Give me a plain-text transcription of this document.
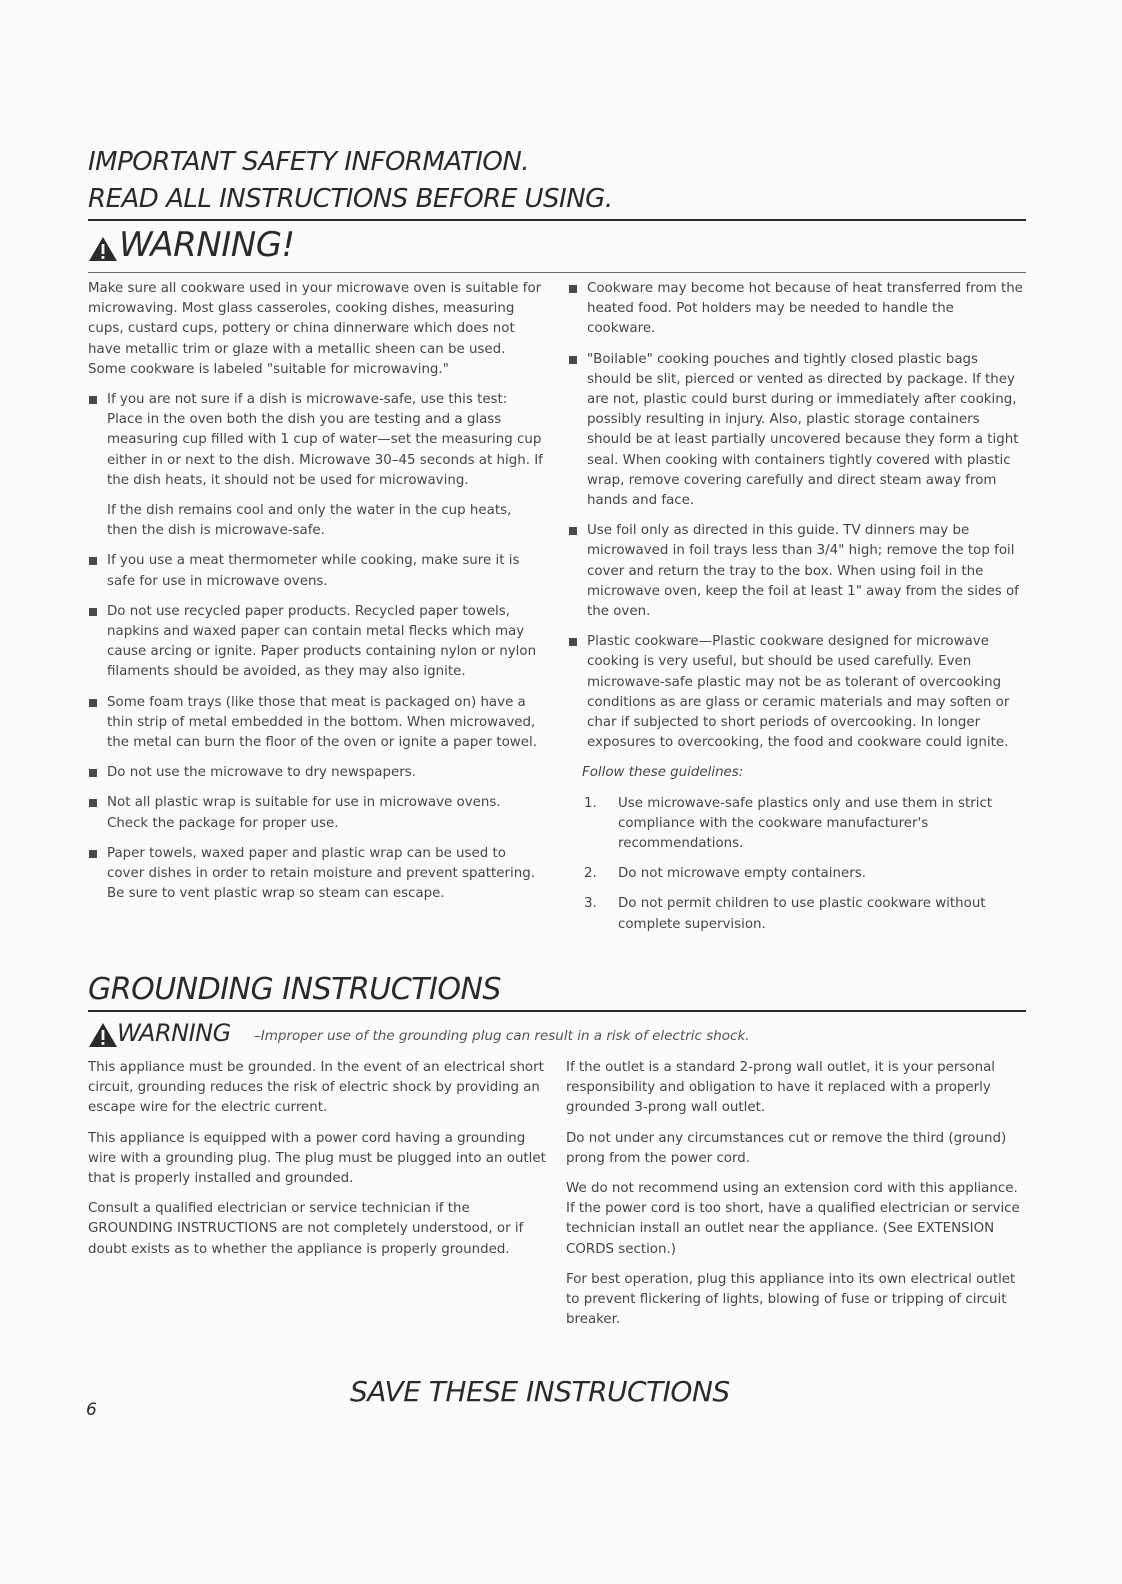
IMPORTANT SAFETY INFORMATION.
READ ALL INSTRUCTIONS BEFORE USING.
WARNING!

Make sure all cookware used in your microwave oven is suitable for microwaving. Most glass casseroles, cooking dishes, measuring cups, custard cups, pottery or china dinnerware which does not have metallic trim or glaze with a metallic sheen can be used. Some cookware is labeled "suitable for microwaving."

If you are not sure if a dish is microwave-safe, use this test: Place in the oven both the dish you are testing and a glass measuring cup filled with 1 cup of water—set the measuring cup either in or next to the dish. Microwave 30–45 seconds at high. If the dish heats, it should not be used for microwaving.

If the dish remains cool and only the water in the cup heats, then the dish is microwave-safe.

If you use a meat thermometer while cooking, make sure it is safe for use in microwave ovens.

Do not use recycled paper products. Recycled paper towels, napkins and waxed paper can contain metal flecks which may cause arcing or ignite. Paper products containing nylon or nylon filaments should be avoided, as they may also ignite.

Some foam trays (like those that meat is packaged on) have a thin strip of metal embedded in the bottom. When microwaved, the metal can burn the floor of the oven or ignite a paper towel.

Do not use the microwave to dry newspapers.

Not all plastic wrap is suitable for use in microwave ovens. Check the package for proper use.

Paper towels, waxed paper and plastic wrap can be used to cover dishes in order to retain moisture and prevent spattering. Be sure to vent plastic wrap so steam can escape.

Cookware may become hot because of heat transferred from the heated food. Pot holders may be needed to handle the cookware.

"Boilable" cooking pouches and tightly closed plastic bags should be slit, pierced or vented as directed by package. If they are not, plastic could burst during or immediately after cooking, possibly resulting in injury. Also, plastic storage containers should be at least partially uncovered because they form a tight seal. When cooking with containers tightly covered with plastic wrap, remove covering carefully and direct steam away from hands and face.

Use foil only as directed in this guide. TV dinners may be microwaved in foil trays less than 3/4" high; remove the top foil cover and return the tray to the box. When using foil in the microwave oven, keep the foil at least 1" away from the sides of the oven.

Plastic cookware—Plastic cookware designed for microwave cooking is very useful, but should be used carefully. Even microwave-safe plastic may not be as tolerant of overcooking conditions as are glass or ceramic materials and may soften or char if subjected to short periods of overcooking. In longer exposures to overcooking, the food and cookware could ignite.

Follow these guidelines:

1. Use microwave-safe plastics only and use them in strict compliance with the cookware manufacturer's recommendations.
2. Do not microwave empty containers.
3. Do not permit children to use plastic cookware without complete supervision.
GROUNDING INSTRUCTIONS
WARNING –Improper use of the grounding plug can result in a risk of electric shock.

This appliance must be grounded. In the event of an electrical short circuit, grounding reduces the risk of electric shock by providing an escape wire for the electric current.

This appliance is equipped with a power cord having a grounding wire with a grounding plug. The plug must be plugged into an outlet that is properly installed and grounded.

Consult a qualified electrician or service technician if the GROUNDING INSTRUCTIONS are not completely understood, or if doubt exists as to whether the appliance is properly grounded.

If the outlet is a standard 2-prong wall outlet, it is your personal responsibility and obligation to have it replaced with a properly grounded 3-prong wall outlet.

Do not under any circumstances cut or remove the third (ground) prong from the power cord.

We do not recommend using an extension cord with this appliance. If the power cord is too short, have a qualified electrician or service technician install an outlet near the appliance. (See EXTENSION CORDS section.)

For best operation, plug this appliance into its own electrical outlet to prevent flickering of lights, blowing of fuse or tripping of circuit breaker.

6
SAVE THESE INSTRUCTIONS
